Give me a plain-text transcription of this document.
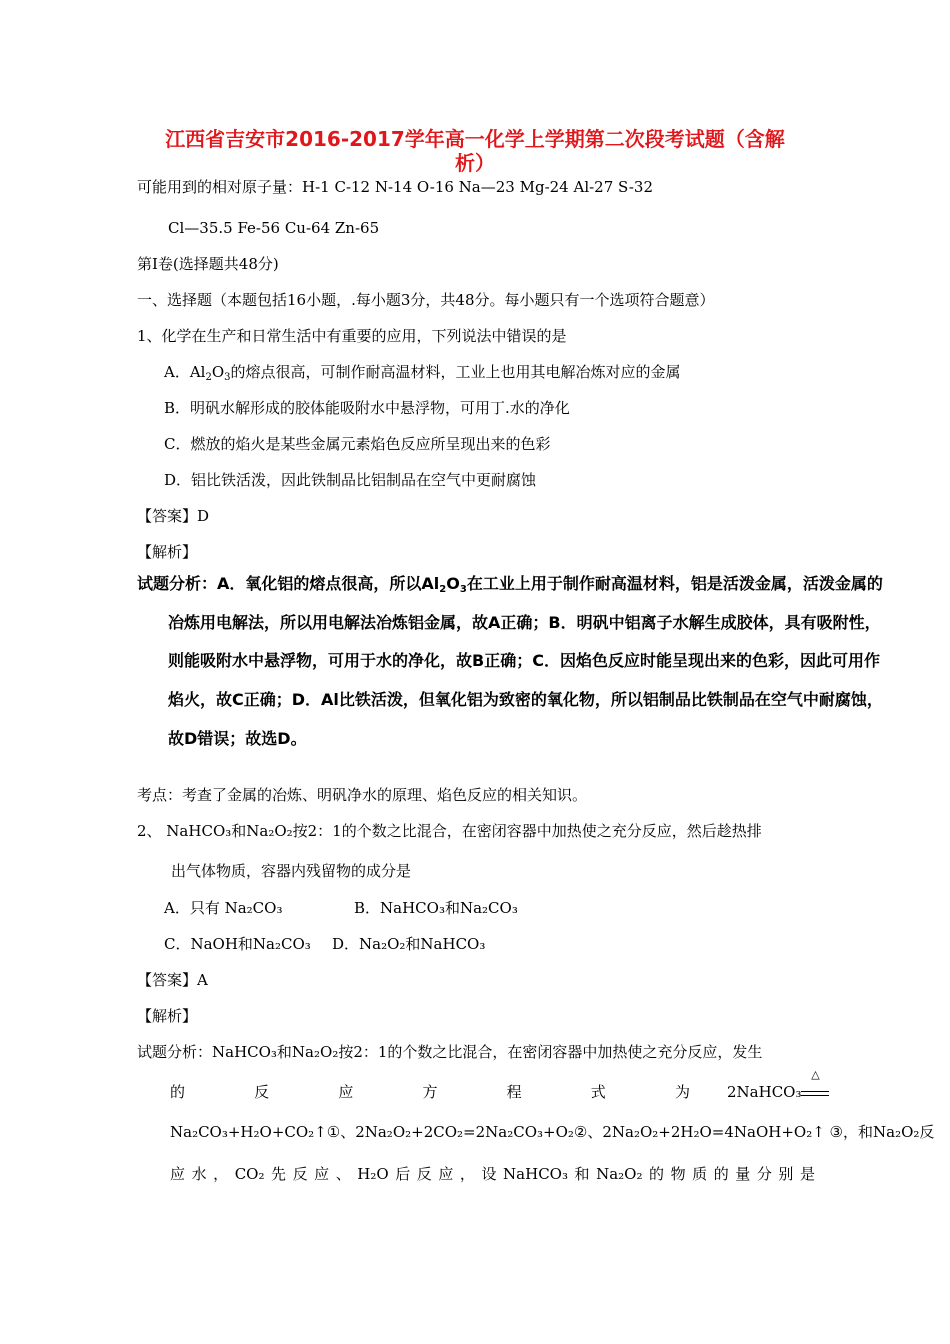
江西省吉安市2016-2017学年高一化学上学期第二次段考试题（含解
析）
可能用到的相对原子量：H-1 C-12 N-14 O-16 Na—23 Mg-24 Al-27 S-32
Cl—35.5 Fe-56 Cu-64 Zn-65
第Ⅰ卷(选择题共48分)
一、选择题（本题包括16小题，.每小题3分，共48分。每小题只有一个选项符合题意）
1、化学在生产和日常生活中有重要的应用，下列说法中错误的是
A．$Al_2O_3$的熔点很高，可制作耐高温材料，工业上也用其电解冶炼对应的金属
B．明矾水解形成的胶体能吸附水中悬浮物，可用丁.水的净化
C．燃放的焰火是某些金属元素焰色反应所呈现出来的色彩
D．铝比铁活泼，因此铁制品比铝制品在空气中更耐腐蚀
【答案】D
【解析】
试题分析：A．氧化铝的熔点很高，所以$Al_2O_3$在工业上用于制作耐高温材料，铝是活泼金属，活泼金属的
冶炼用电解法，所以用电解法冶炼铝金属，故A正确；B．明矾中铝离子水解生成胶体，具有吸附性，
则能吸附水中悬浮物，可用于水的净化，故B正确；C．因焰色反应时能呈现出来的色彩，因此可用作
焰火，故C正确；D．Al比铁活泼，但氧化铝为致密的氧化物，所以铝制品比铁制品在空气中耐腐蚀，
故D错误；故选D。
考点：考查了金属的冶炼、明矾净水的原理、焰色反应的相关知识。
2、 NaHCO₃和Na₂O₂按2：1的个数之比混合，在密闭容器中加热使之充分反应，然后趁热排
出气体物质，容器内残留物的成分是
A．只有 Na₂CO₃	B．NaHCO₃和Na₂CO₃
C．NaOH和Na₂CO₃ D．Na₂O₂和NaHCO₃
【答案】A
【解析】
试题分析：NaHCO₃和Na₂O₂按2：1的个数之比混合，在密闭容器中加热使之充分反应，发生
的	反	应	方	程	式	为 2NaHCO₃
△
Na₂CO₃+H₂O+CO₂↑①、2Na₂O₂+2CO₂=2Na₂CO₃+O₂②、2Na₂O₂+2H₂O=4NaOH+O₂↑ ③，和Na₂O₂反
应 水 ， CO₂ 先 反 应 、 H₂O 后 反 应 ， 设 NaHCO₃ 和 Na₂O₂ 的 物 质 的 量 分 别 是
